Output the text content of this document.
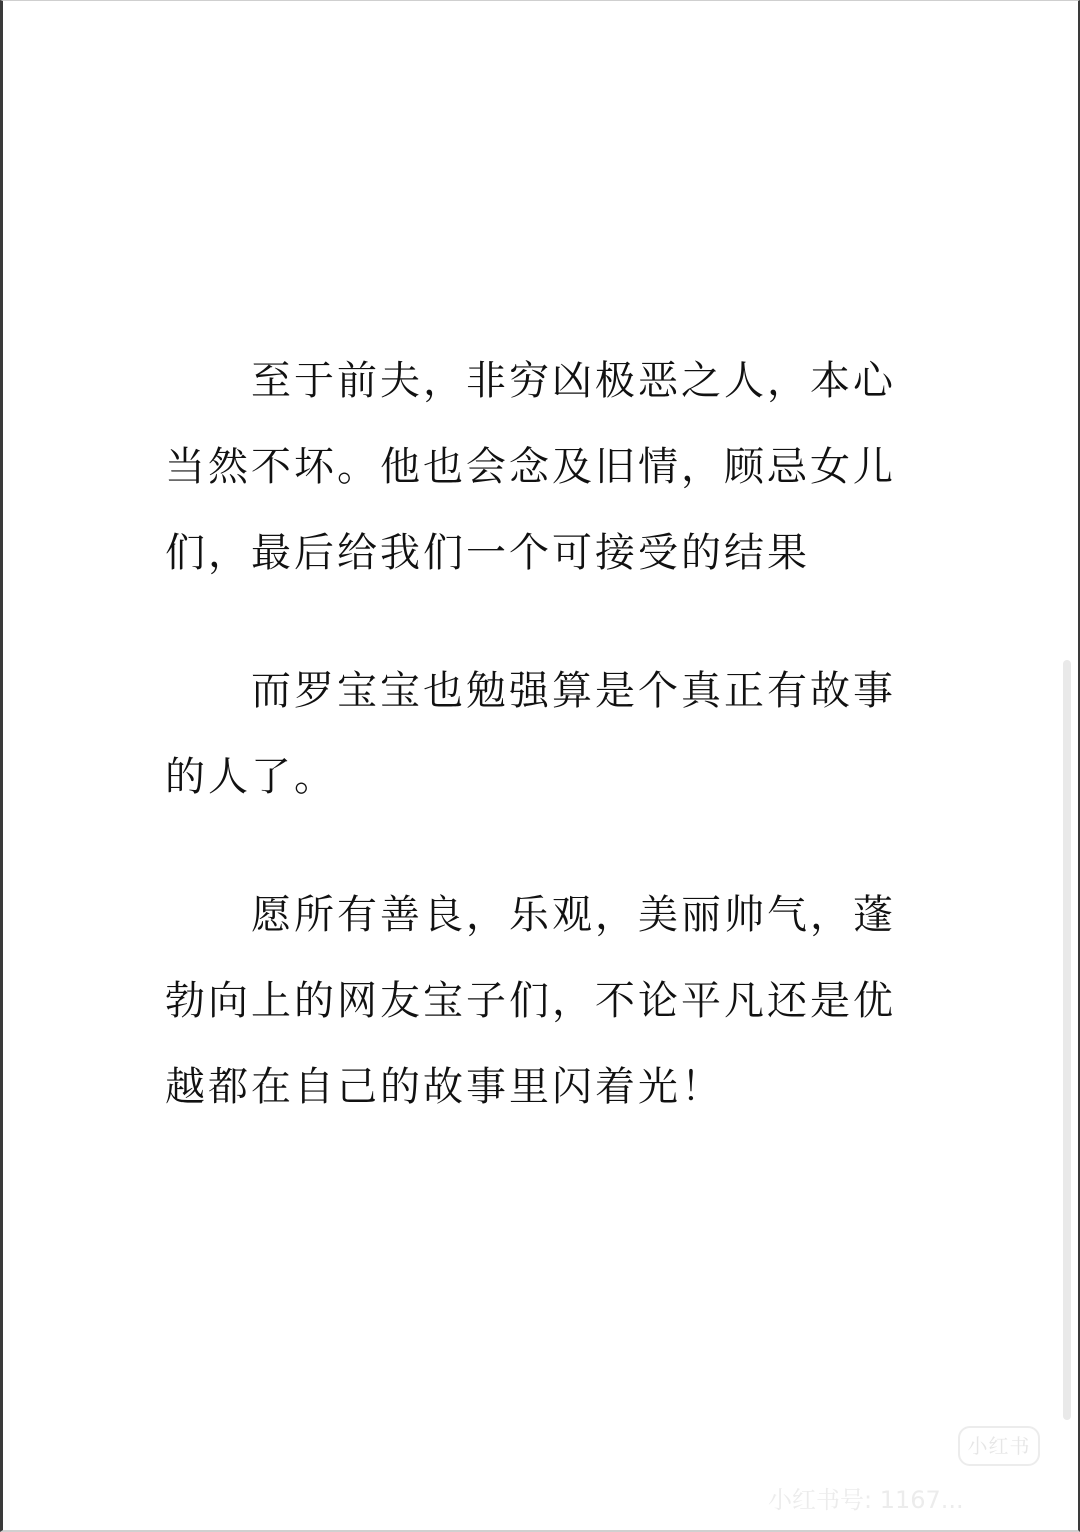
至于前夫，非穷凶极恶之人，本心当然不坏。他也会念及旧情，顾忌女儿们，最后给我们一个可接受的结果

而罗宝宝也勉强算是个真正有故事的人了。

愿所有善良，乐观，美丽帅气，蓬勃向上的网友宝子们，不论平凡还是优越都在自己的故事里闪着光！

小红书
小红书号: 1167...
